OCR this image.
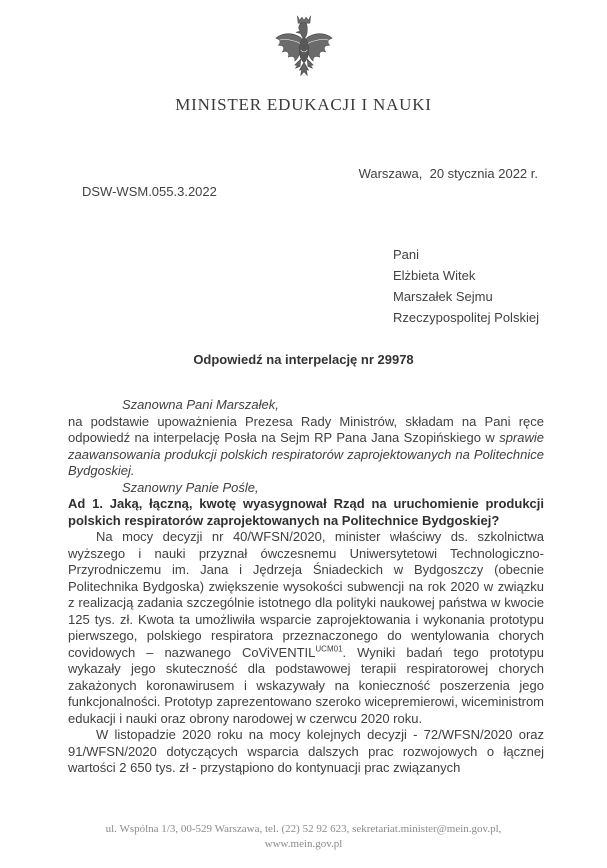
MINISTER EDUKACJI I NAUKI
Warszawa,  20 stycznia 2022 r.
DSW-WSM.055.3.2022
Pani
Elżbieta Witek
Marszałek Sejmu
Rzeczypospolitej Polskiej
Odpowiedź na interpelację nr 29978

Szanowna Pani Marszałek,

na podstawie upoważnienia Prezesa Rady Ministrów, składam na Pani ręce odpowiedź na interpelację Posła na Sejm RP Pana Jana Szopińskiego w sprawie zaawansowania produkcji polskich respiratorów zaprojektowanych na Politechnice Bydgoskiej.

Szanowny Panie Pośle,

Ad 1. Jaką, łączną, kwotę wyasygnował Rząd na uruchomienie produkcji polskich respiratorów zaprojektowanych na Politechnice Bydgoskiej?

Na mocy decyzji nr 40/WFSN/2020, minister właściwy ds. szkolnictwa wyższego i nauki przyznał ówczesnemu Uniwersytetowi Technologiczno-Przyrodniczemu im. Jana i Jędrzeja Śniadeckich w Bydgoszczy (obecnie Politechnika Bydgoska) zwiększenie wysokości subwencji na rok 2020 w związku z realizacją zadania szczególnie istotnego dla polityki naukowej państwa w kwocie 125 tys. zł. Kwota ta umożliwiła wsparcie zaprojektowania i wykonania prototypu pierwszego, polskiego respiratora przeznaczonego do wentylowania chorych covidowych – nazwanego CoViVENTIL$^{UCM01}$. Wyniki badań tego prototypu wykazały jego skuteczność dla podstawowej terapii respiratorowej chorych zakażonych koronawirusem i wskazywały na konieczność poszerzenia jego funkcjonalności. Prototyp zaprezentowano szeroko wicepremierowi, wiceministrom edukacji i nauki oraz obrony narodowej w czerwcu 2020 roku.

W listopadzie 2020 roku na mocy kolejnych decyzji - 72/WFSN/2020 oraz 91/WFSN/2020 dotyczących wsparcia dalszych prac rozwojowych o łącznej wartości 2 650 tys. zł - przystąpiono do kontynuacji prac związanych

ul. Wspólna 1/3, 00-529 Warszawa, tel. (22) 52 92 623, sekretariat.minister@mein.gov.pl,
www.mein.gov.pl
